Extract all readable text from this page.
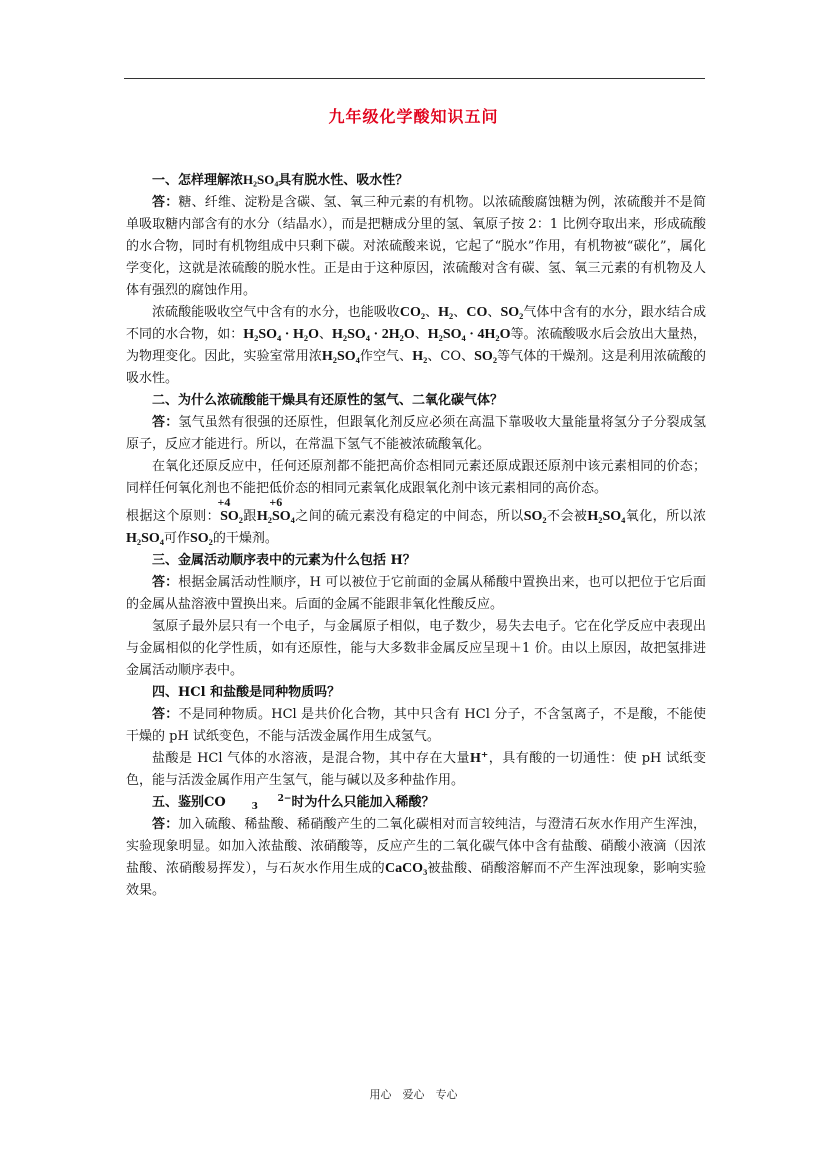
九年级化学酸知识五问

一、怎样理解浓H₂SO₄具有脱水性、吸水性？

答：糖、纤维、淀粉是含碳、氢、氧三种元素的有机物。以浓硫酸腐蚀糖为例，浓硫酸并不是简单吸取糖内部含有的水分（结晶水），而是把糖成分里的氢、氧原子按 2：1 比例夺取出来，形成硫酸的水合物，同时有机物组成中只剩下碳。对浓硫酸来说，它起了“脱水”作用，有机物被“碳化”，属化学变化，这就是浓硫酸的脱水性。正是由于这种原因，浓硫酸对含有碳、氢、氧三元素的有机物及人体有强烈的腐蚀作用。

浓硫酸能吸收空气中含有的水分，也能吸收CO₂、H₂、CO、SO₂气体中含有的水分，跟水结合成不同的水合物，如：H₂SO₄ · H₂O、H₂SO₄ · 2H₂O、H₂SO₄ · 4H₂O等。浓硫酸吸水后会放出大量热，为物理变化。因此，实验室常用浓H₂SO₄作空气、H₂、CO、SO₂等气体的干燥剂。这是利用浓硫酸的吸水性。

二、为什么浓硫酸能干燥具有还原性的氢气、二氧化碳气体？

答：氢气虽然有很强的还原性，但跟氧化剂反应必须在高温下靠吸收大量能量将氢分子分裂成氢原子，反应才能进行。所以，在常温下氢气不能被浓硫酸氧化。

在氧化还原反应中，任何还原剂都不能把高价态相同元素还原成跟还原剂中该元素相同的价态；同样任何氧化剂也不能把低价态的相同元素氧化成跟氧化剂中该元素相同的高价态。

根据这个原则：
+4
SO₂跟H₂
+6
SO₄之间的硫元素没有稳定的中间态，所以SO₂不会被H₂SO₄氧化，所以浓H₂SO₄可作SO₂的干燥剂。

三、金属活动顺序表中的元素为什么包括 H？

答：根据金属活动性顺序，H 可以被位于它前面的金属从稀酸中置换出来，也可以把位于它后面的金属从盐溶液中置换出来。后面的金属不能跟非氧化性酸反应。

氢原子最外层只有一个电子，与金属原子相似，电子数少，易失去电子。它在化学反应中表现出与金属相似的化学性质，如有还原性，能与大多数非金属反应呈现＋1 价。由以上原因，故把氢排进金属活动顺序表中。

四、HCl 和盐酸是同种物质吗？

答：不是同种物质。HCl 是共价化合物，其中只含有 HCl 分子，不含氢离子，不是酸，不能使干燥的 pH 试纸变色，不能与活泼金属作用生成氢气。

盐酸是 HCl 气体的水溶液，是混合物，其中存在大量H⁺，具有酸的一切通性：使 pH 试纸变色，能与活泼金属作用产生氢气，能与碱以及多种盐作用。

五、鉴别CO	2−
3	时为什么只能加入稀酸？

答：加入硫酸、稀盐酸、稀硝酸产生的二氧化碳相对而言较纯洁，与澄清石灰水作用产生浑浊，实验现象明显。如加入浓盐酸、浓硝酸等，反应产生的二氧化碳气体中含有盐酸、硝酸小液滴（因浓盐酸、浓硝酸易挥发），与石灰水作用生成的CaCO₃被盐酸、硝酸溶解而不产生浑浊现象，影响实验效果。

用心　爱心　专心
